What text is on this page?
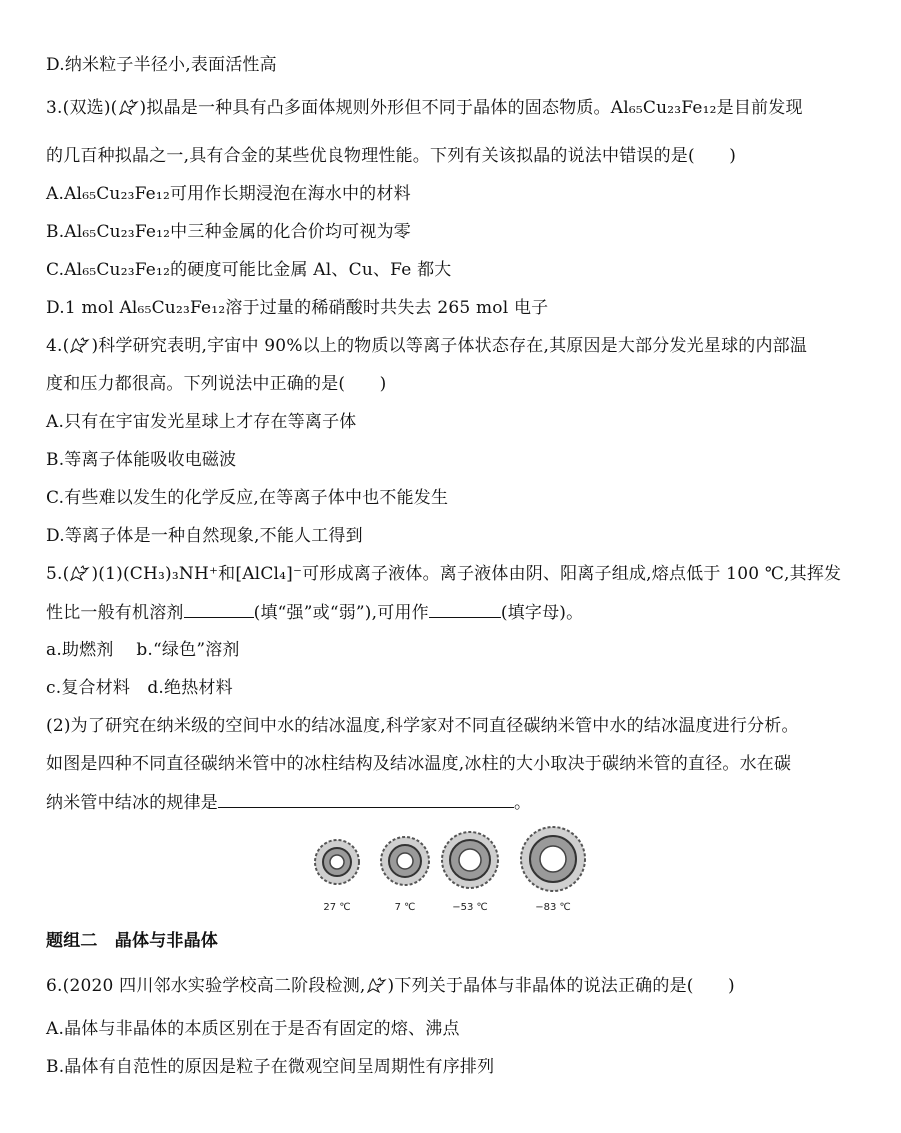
D.纳米粒子半径小,表面活性高
3.(双选)( )拟晶是一种具有凸多面体规则外形但不同于晶体的固态物质。Al₆₅Cu₂₃Fe₁₂是目前发现
的几百种拟晶之一,具有合金的某些优良物理性能。下列有关该拟晶的说法中错误的是(　　)
A.Al₆₅Cu₂₃Fe₁₂可用作长期浸泡在海水中的材料
B.Al₆₅Cu₂₃Fe₁₂中三种金属的化合价均可视为零
C.Al₆₅Cu₂₃Fe₁₂的硬度可能比金属 Al、Cu、Fe 都大
D.1 mol Al₆₅Cu₂₃Fe₁₂溶于过量的稀硝酸时共失去 265 mol 电子
4.( )科学研究表明,宇宙中 90%以上的物质以等离子体状态存在,其原因是大部分发光星球的内部温
度和压力都很高。下列说法中正确的是(　　)
A.只有在宇宙发光星球上才存在等离子体
B.等离子体能吸收电磁波
C.有些难以发生的化学反应,在等离子体中也不能发生
D.等离子体是一种自然现象,不能人工得到
5.( )(1)(CH₃)₃NH⁺和[AlCl₄]⁻可形成离子液体。离子液体由阴、阳离子组成,熔点低于 100 ℃,其挥发
性比一般有机溶剂	(填“强”或“弱”),可用作	(填字母)。
a.助燃剂　 b.“绿色”溶剂
c.复合材料　d.绝热材料
(2)为了研究在纳米级的空间中水的结冰温度,科学家对不同直径碳纳米管中水的结冰温度进行分析。
如图是四种不同直径碳纳米管中的冰柱结构及结冰温度,冰柱的大小取决于碳纳米管的直径。水在碳
纳米管中结冰的规律是	。
27 ℃	7 ℃	−53 ℃	−83 ℃
题组二　晶体与非晶体
6.(2020 四川邻水实验学校高二阶段检测, )下列关于晶体与非晶体的说法正确的是(　　)
A.晶体与非晶体的本质区别在于是否有固定的熔、沸点
B.晶体有自范性的原因是粒子在微观空间呈周期性有序排列
